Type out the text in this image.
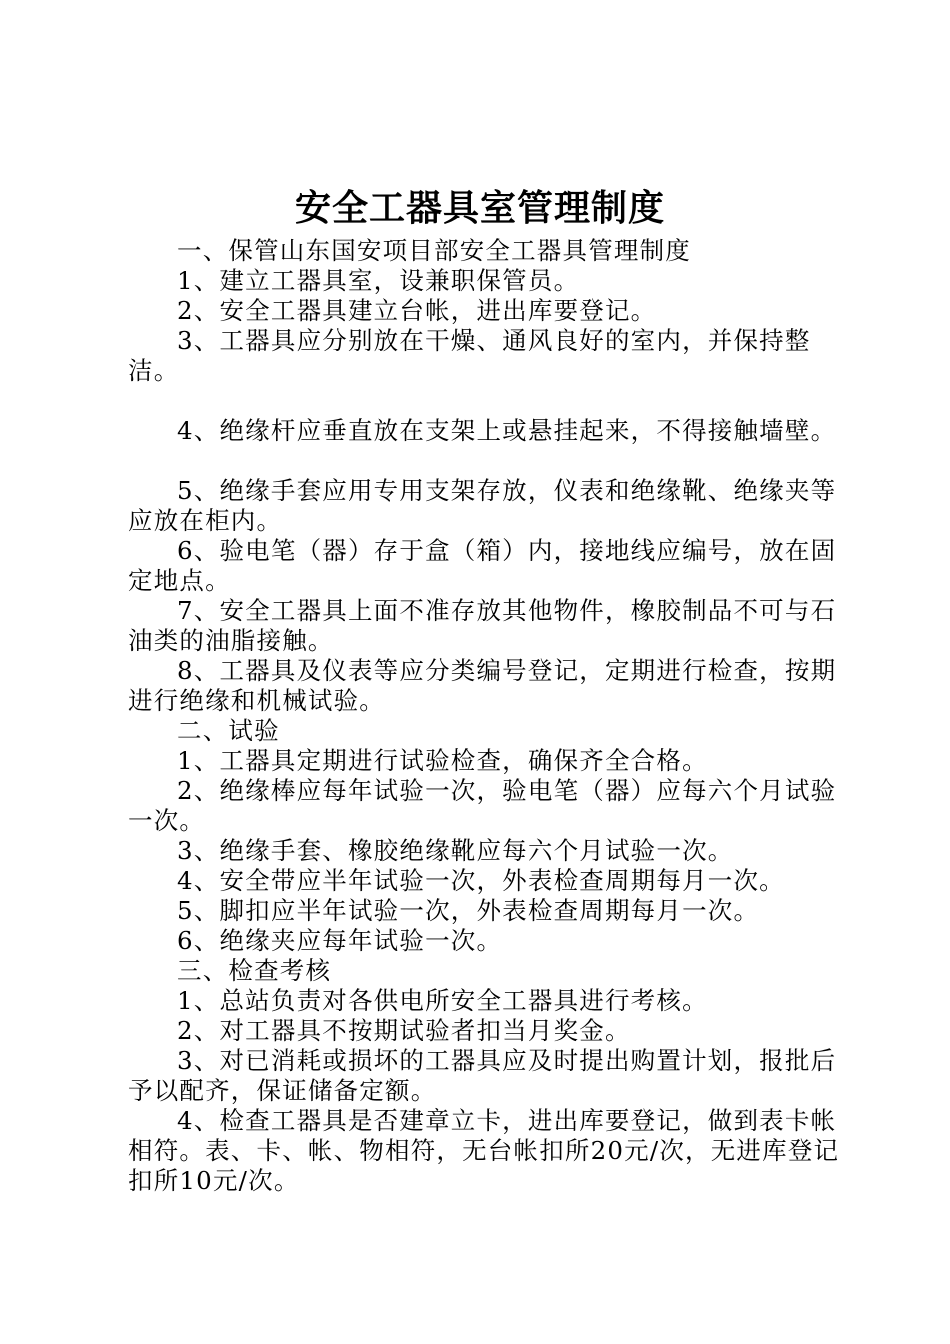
安全工器具室管理制度

一、保管山东国安项目部安全工器具管理制度

1、建立工器具室，设兼职保管员。

2、安全工器具建立台帐，进出库要登记。

3、工器具应分别放在干燥、通风良好的室内，并保持整洁。

4、绝缘杆应垂直放在支架上或悬挂起来，不得接触墙壁。

5、绝缘手套应用专用支架存放，仪表和绝缘靴、绝缘夹等应放在柜内。

6、验电笔（器）存于盒（箱）内，接地线应编号，放在固定地点。

7、安全工器具上面不准存放其他物件，橡胶制品不可与石油类的油脂接触。

8、工器具及仪表等应分类编号登记，定期进行检查，按期进行绝缘和机械试验。

二、试验

1、工器具定期进行试验检查，确保齐全合格。

2、绝缘棒应每年试验一次，验电笔（器）应每六个月试验一次。

3、绝缘手套、橡胶绝缘靴应每六个月试验一次。

4、安全带应半年试验一次，外表检查周期每月一次。

5、脚扣应半年试验一次，外表检查周期每月一次。

6、绝缘夹应每年试验一次。

三、检查考核

1、总站负责对各供电所安全工器具进行考核。

2、对工器具不按期试验者扣当月奖金。

3、对已消耗或损坏的工器具应及时提出购置计划，报批后予以配齐，保证储备定额。

4、检查工器具是否建章立卡，进出库要登记，做到表卡帐相符。表、卡、帐、物相符，无台帐扣所20元/次，无进库登记扣所10元/次。
